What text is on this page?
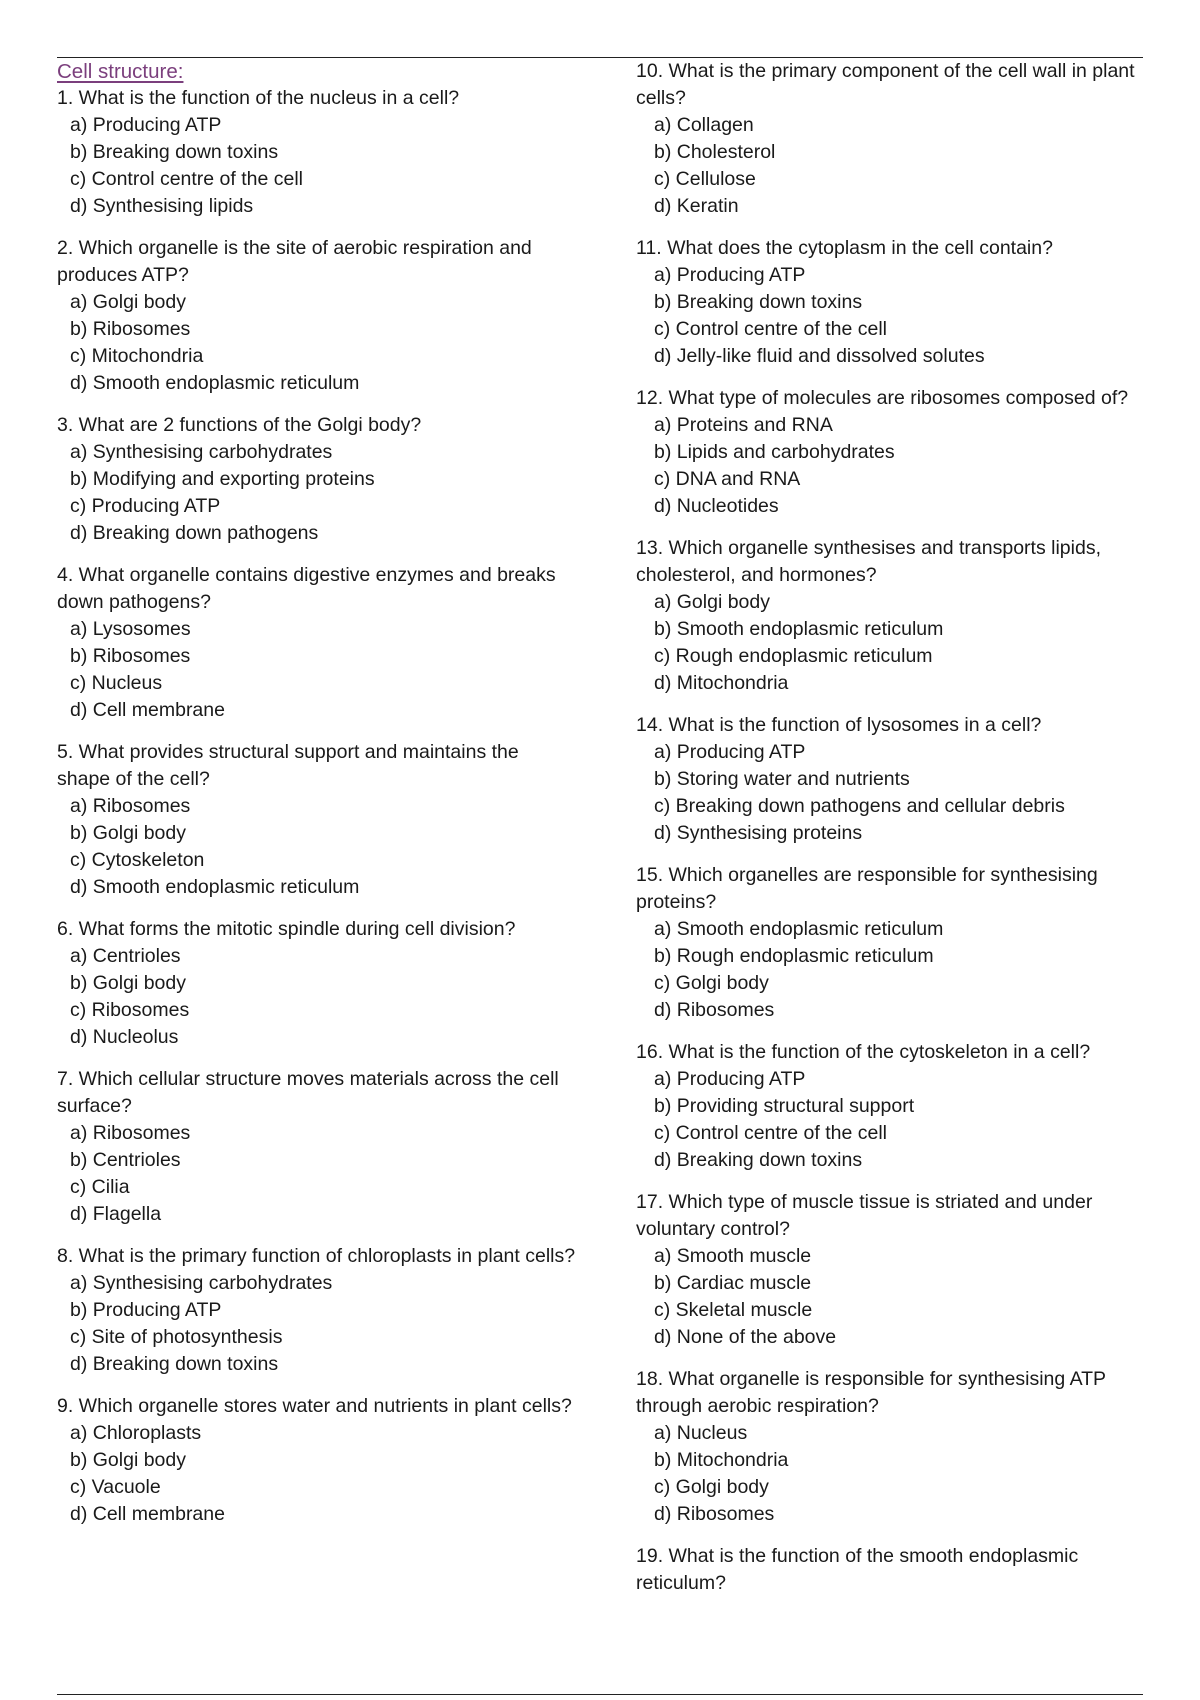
Cell structure:
1. What is the function of the nucleus in a cell?
a) Producing ATP
b) Breaking down toxins
c) Control centre of the cell
d) Synthesising lipids
2. Which organelle is the site of aerobic respiration and produces ATP?
a) Golgi body
b) Ribosomes
c) Mitochondria
d) Smooth endoplasmic reticulum
3. What are 2 functions of the Golgi body?
a) Synthesising carbohydrates
b) Modifying and exporting proteins
c) Producing ATP
d) Breaking down pathogens
4. What organelle contains digestive enzymes and breaks down pathogens?
a) Lysosomes
b) Ribosomes
c) Nucleus
d) Cell membrane
5. What provides structural support and maintains the shape of the cell?
a) Ribosomes
b) Golgi body
c) Cytoskeleton
d) Smooth endoplasmic reticulum
6. What forms the mitotic spindle during cell division?
a) Centrioles
b) Golgi body
c) Ribosomes
d) Nucleolus
7. Which cellular structure moves materials across the cell surface?
a) Ribosomes
b) Centrioles
c) Cilia
d) Flagella
8. What is the primary function of chloroplasts in plant cells?
a) Synthesising carbohydrates
b) Producing ATP
c) Site of photosynthesis
d) Breaking down toxins
9. Which organelle stores water and nutrients in plant cells?
a) Chloroplasts
b) Golgi body
c) Vacuole
d) Cell membrane
10. What is the primary component of the cell wall in plant cells?
a) Collagen
b) Cholesterol
c) Cellulose
d) Keratin
11. What does the cytoplasm in the cell contain?
a) Producing ATP
b) Breaking down toxins
c) Control centre of the cell
d) Jelly-like fluid and dissolved solutes
12. What type of molecules are ribosomes composed of?
a) Proteins and RNA
b) Lipids and carbohydrates
c) DNA and RNA
d) Nucleotides
13. Which organelle synthesises and transports lipids, cholesterol, and hormones?
a) Golgi body
b) Smooth endoplasmic reticulum
c) Rough endoplasmic reticulum
d) Mitochondria
14. What is the function of lysosomes in a cell?
a) Producing ATP
b) Storing water and nutrients
c) Breaking down pathogens and cellular debris
d) Synthesising proteins
15. Which organelles are responsible for synthesising proteins?
a) Smooth endoplasmic reticulum
b) Rough endoplasmic reticulum
c) Golgi body
d) Ribosomes
16. What is the function of the cytoskeleton in a cell?
a) Producing ATP
b) Providing structural support
c) Control centre of the cell
d) Breaking down toxins
17. Which type of muscle tissue is striated and under voluntary control?
a) Smooth muscle
b) Cardiac muscle
c) Skeletal muscle
d) None of the above
18. What organelle is responsible for synthesising ATP through aerobic respiration?
a) Nucleus
b) Mitochondria
c) Golgi body
d) Ribosomes
19. What is the function of the smooth endoplasmic reticulum?
